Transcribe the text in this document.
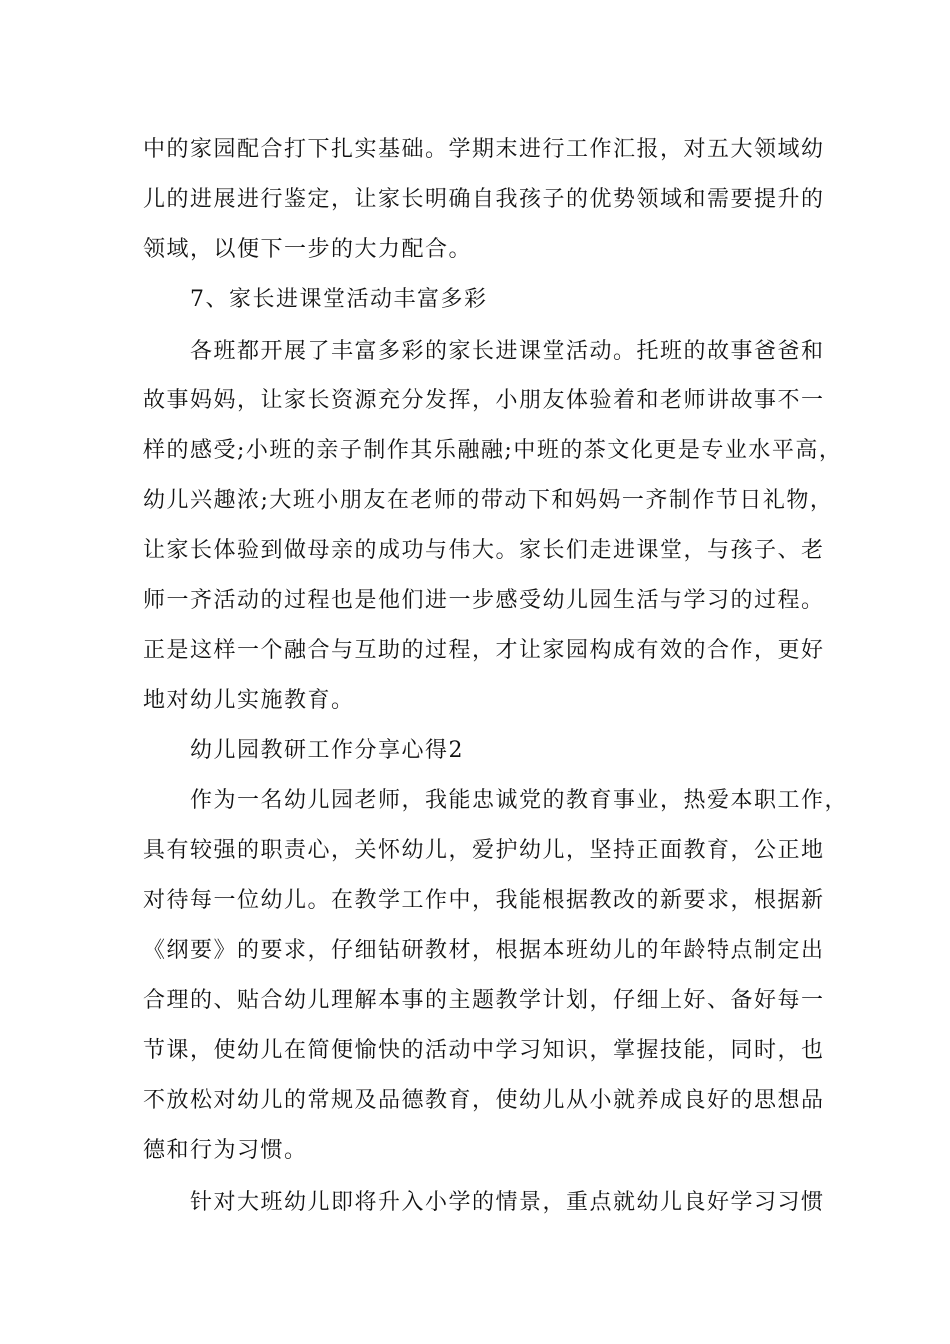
中的家园配合打下扎实基础。学期末进行工作汇报，对五大领域幼
儿的进展进行鉴定，让家长明确自我孩子的优势领域和需要提升的
领域，以便下一步的大力配合。
7、家长进课堂活动丰富多彩
各班都开展了丰富多彩的家长进课堂活动。托班的故事爸爸和
故事妈妈，让家长资源充分发挥，小朋友体验着和老师讲故事不一
样的感受;小班的亲子制作其乐融融;中班的茶文化更是专业水平高，
幼儿兴趣浓;大班小朋友在老师的带动下和妈妈一齐制作节日礼物，
让家长体验到做母亲的成功与伟大。家长们走进课堂，与孩子、老
师一齐活动的过程也是他们进一步感受幼儿园生活与学习的过程。
正是这样一个融合与互助的过程，才让家园构成有效的合作，更好
地对幼儿实施教育。
幼儿园教研工作分享心得2
作为一名幼儿园老师，我能忠诚党的教育事业，热爱本职工作，
具有较强的职责心，关怀幼儿，爱护幼儿，坚持正面教育，公正地
对待每一位幼儿。在教学工作中，我能根据教改的新要求，根据新
《纲要》的要求，仔细钻研教材，根据本班幼儿的年龄特点制定出
合理的、贴合幼儿理解本事的主题教学计划，仔细上好、备好每一
节课，使幼儿在简便愉快的活动中学习知识，掌握技能，同时，也
不放松对幼儿的常规及品德教育，使幼儿从小就养成良好的思想品
德和行为习惯。
针对大班幼儿即将升入小学的情景，重点就幼儿良好学习习惯
